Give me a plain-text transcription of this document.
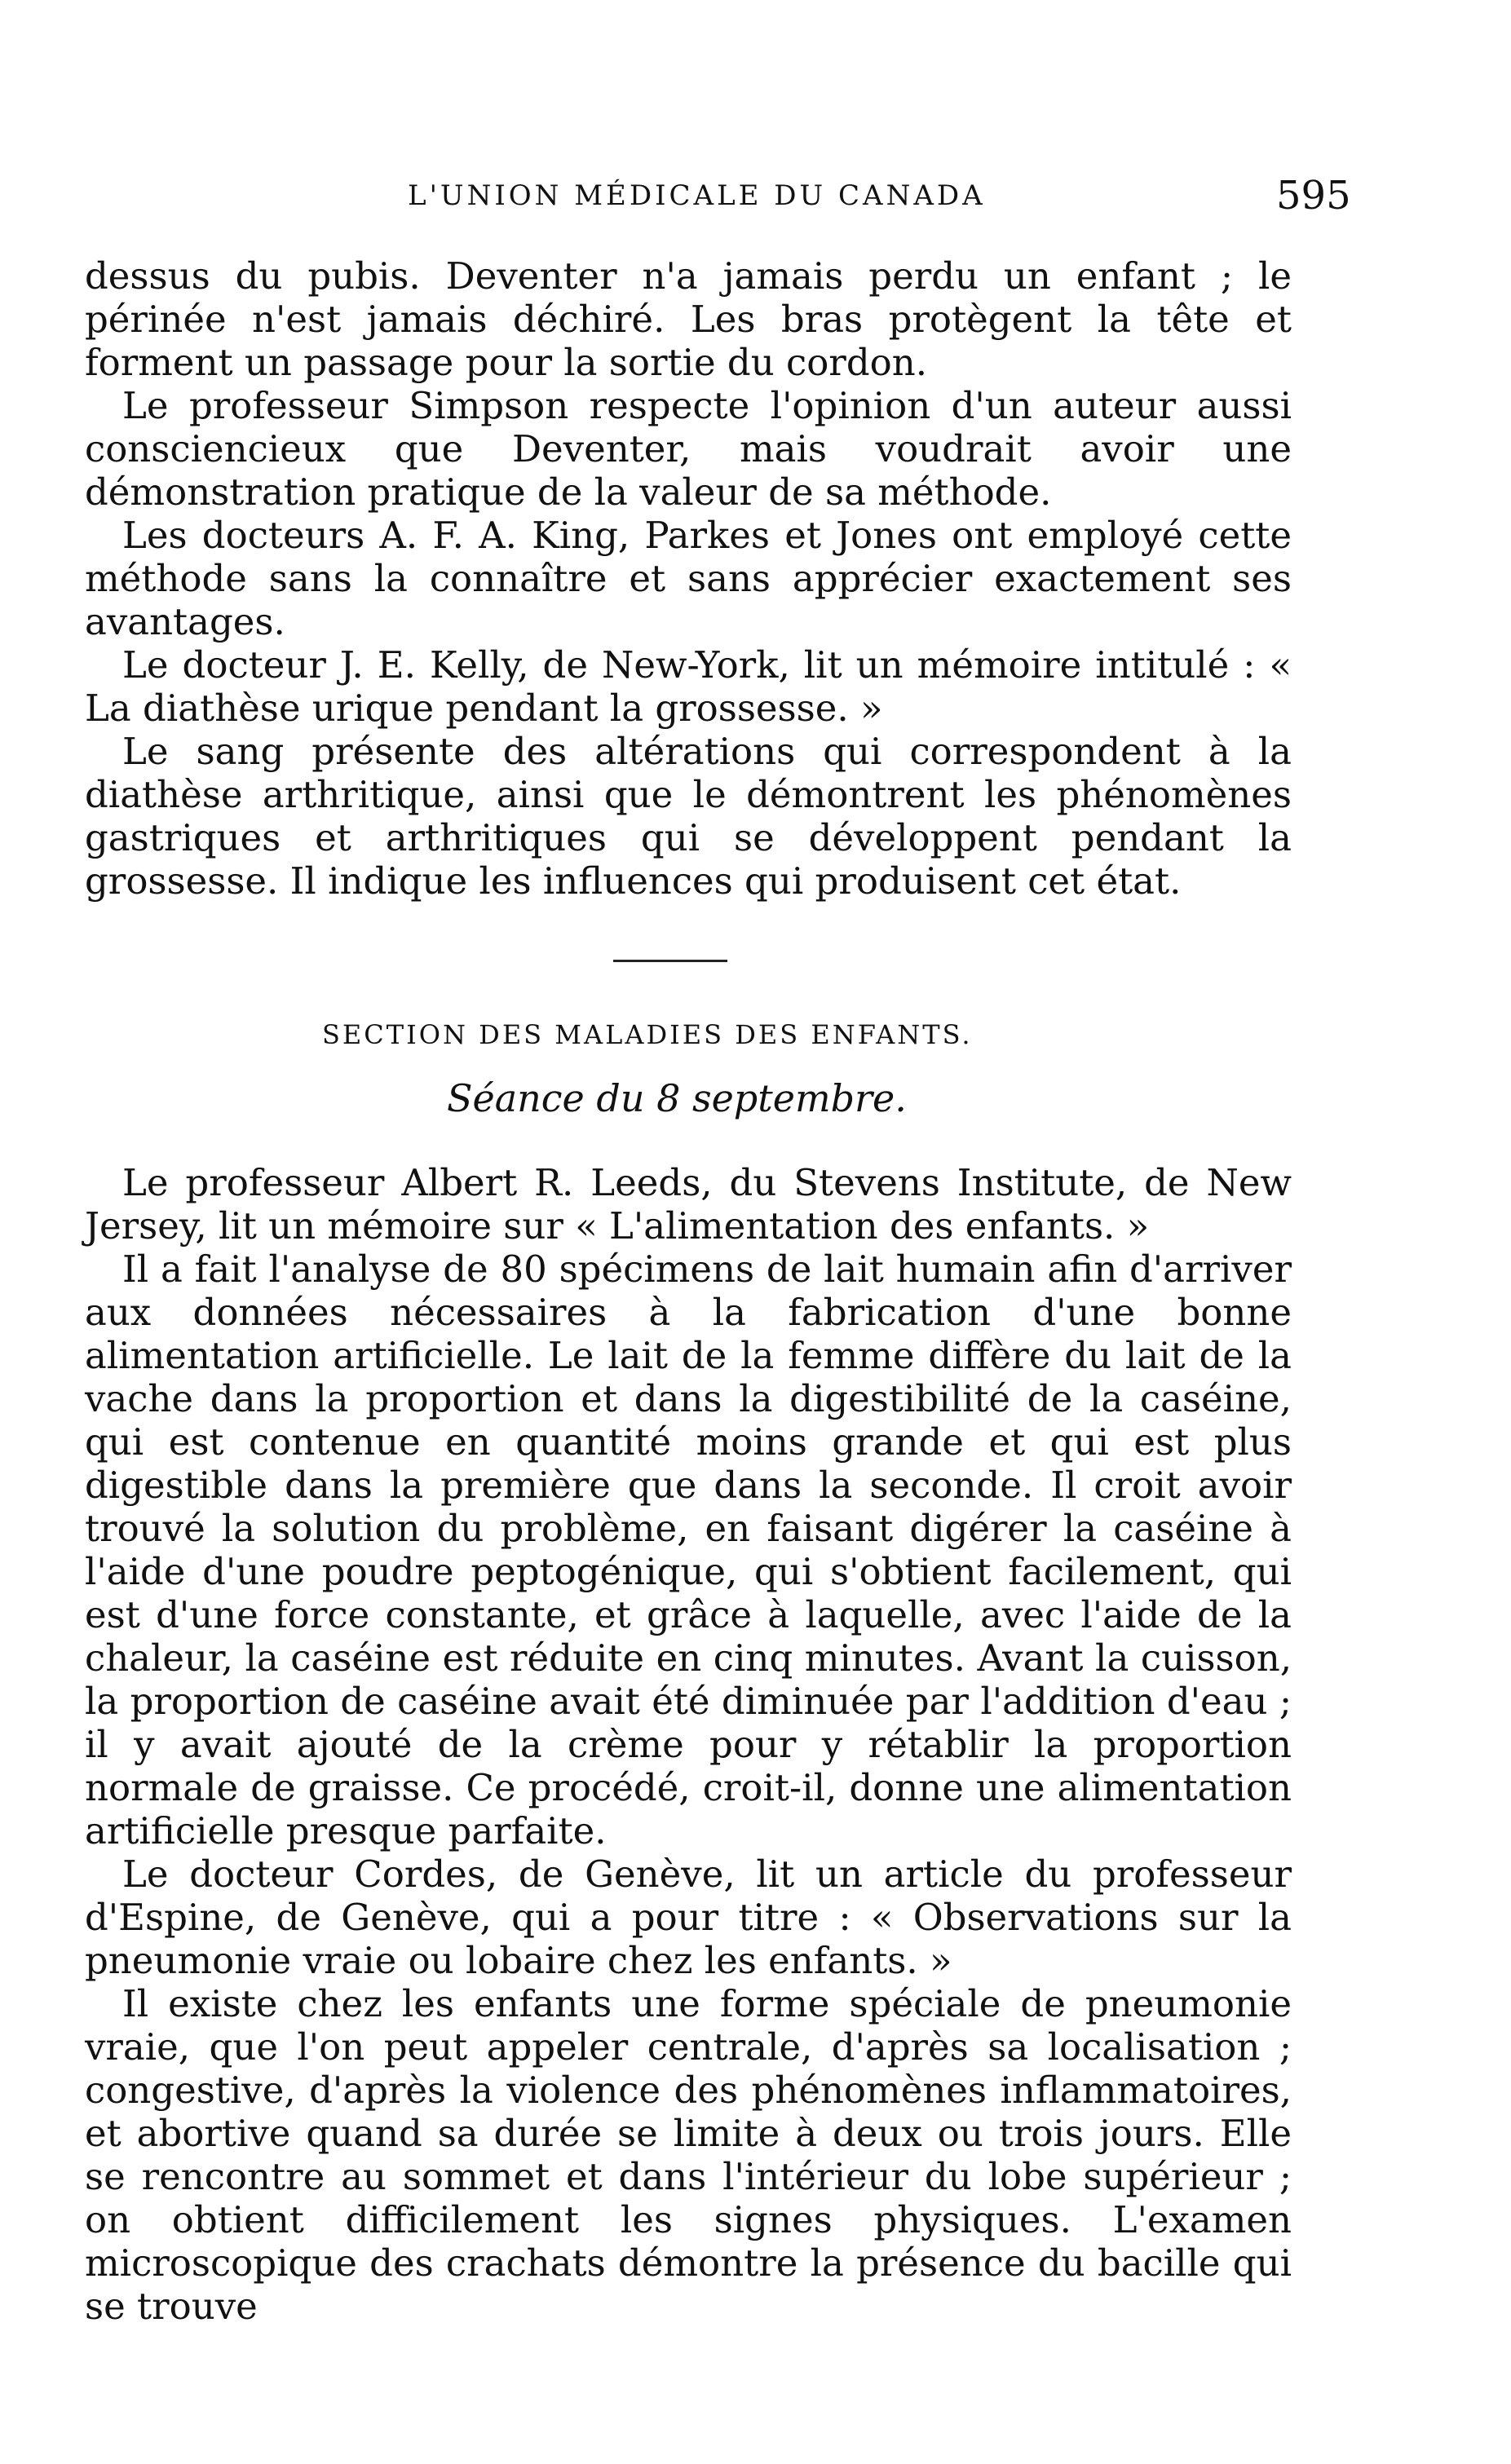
L'UNION MÉDICALE DU CANADA	595

dessus du pubis. Deventer n'a jamais perdu un enfant ; le périnée n'est jamais déchiré. Les bras protègent la tête et forment un passage pour la sortie du cordon.

Le professeur Simpson respecte l'opinion d'un auteur aussi consciencieux que Deventer, mais voudrait avoir une démonstration pratique de la valeur de sa méthode.

Les docteurs A. F. A. King, Parkes et Jones ont employé cette méthode sans la connaître et sans apprécier exactement ses avantages.

Le docteur J. E. Kelly, de New-York, lit un mémoire intitulé : « La diathèse urique pendant la grossesse. »

Le sang présente des altérations qui correspondent à la diathèse arthritique, ainsi que le démontrent les phénomènes gastriques et arthritiques qui se développent pendant la grossesse. Il indique les influences qui produisent cet état.

SECTION DES MALADIES DES ENFANTS.
Séance du 8 septembre.

Le professeur Albert R. Leeds, du Stevens Institute, de New Jersey, lit un mémoire sur « L'alimentation des enfants. »

Il a fait l'analyse de 80 spécimens de lait humain afin d'arriver aux données nécessaires à la fabrication d'une bonne alimentation artificielle. Le lait de la femme diffère du lait de la vache dans la proportion et dans la digestibilité de la caséine, qui est contenue en quantité moins grande et qui est plus digestible dans la première que dans la seconde. Il croit avoir trouvé la solution du problème, en faisant digérer la caséine à l'aide d'une poudre peptogénique, qui s'obtient facilement, qui est d'une force constante, et grâce à laquelle, avec l'aide de la chaleur, la caséine est réduite en cinq minutes. Avant la cuisson, la proportion de caséine avait été diminuée par l'addition d'eau ; il y avait ajouté de la crème pour y rétablir la proportion normale de graisse. Ce procédé, croit-il, donne une alimentation artificielle presque parfaite.

Le docteur Cordes, de Genève, lit un article du professeur d'Espine, de Genève, qui a pour titre : « Observations sur la pneumonie vraie ou lobaire chez les enfants. »

Il existe chez les enfants une forme spéciale de pneumonie vraie, que l'on peut appeler centrale, d'après sa localisation ; congestive, d'après la violence des phénomènes inflammatoires, et abortive quand sa durée se limite à deux ou trois jours. Elle se rencontre au sommet et dans l'intérieur du lobe supérieur ; on obtient difficilement les signes physiques. L'examen microscopique des crachats démontre la présence du bacille qui se trouve
